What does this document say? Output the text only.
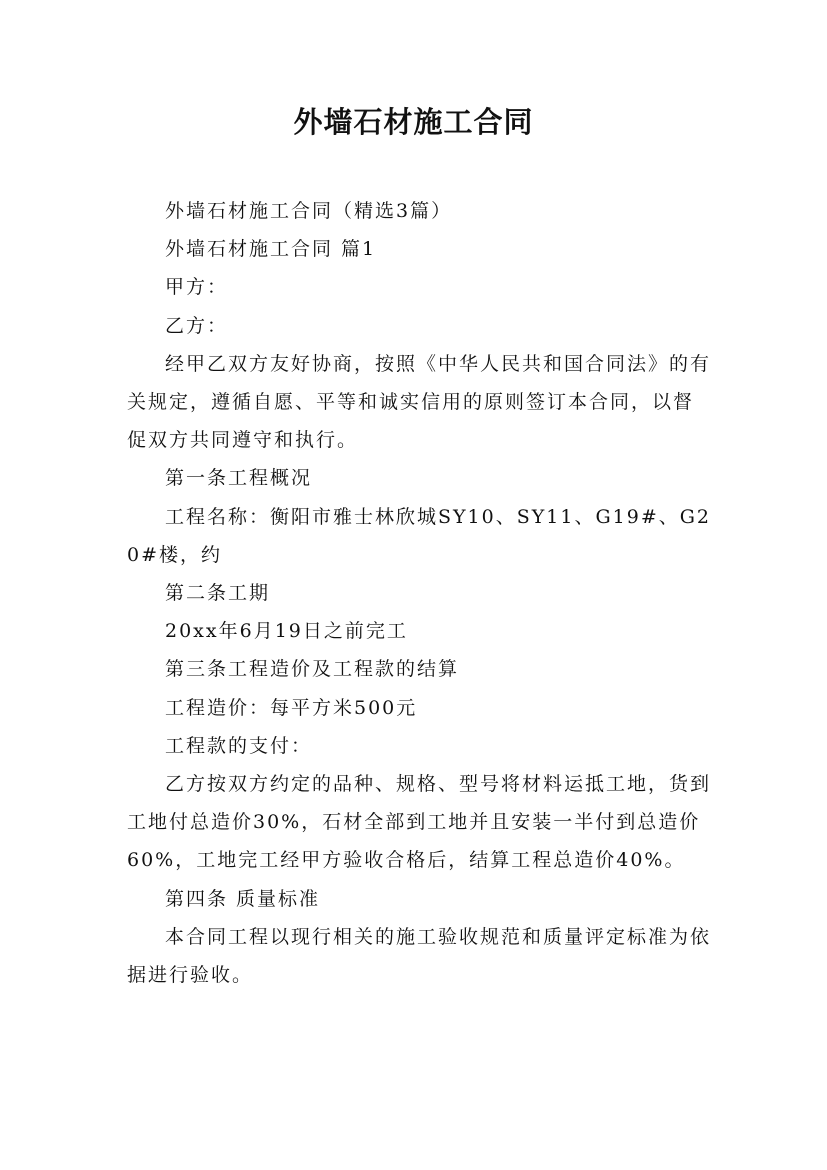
外墙石材施工合同

外墙石材施工合同（精选3篇）

外墙石材施工合同 篇1

甲方：

乙方：

经甲乙双方友好协商，按照《中华人民共和国合同法》的有关规定，遵循自愿、平等和诚实信用的原则签订本合同，以督促双方共同遵守和执行。

第一条工程概况

工程名称：衡阳市雅士林欣城SY10、SY11、G19#、G20#楼，约

第二条工期

20xx年6月19日之前完工

第三条工程造价及工程款的结算

工程造价：每平方米500元

工程款的支付：

乙方按双方约定的品种、规格、型号将材料运抵工地，货到工地付总造价30%，石材全部到工地并且安装一半付到总造价60%，工地完工经甲方验收合格后，结算工程总造价40%。

第四条 质量标准

本合同工程以现行相关的施工验收规范和质量评定标准为依据进行验收。
